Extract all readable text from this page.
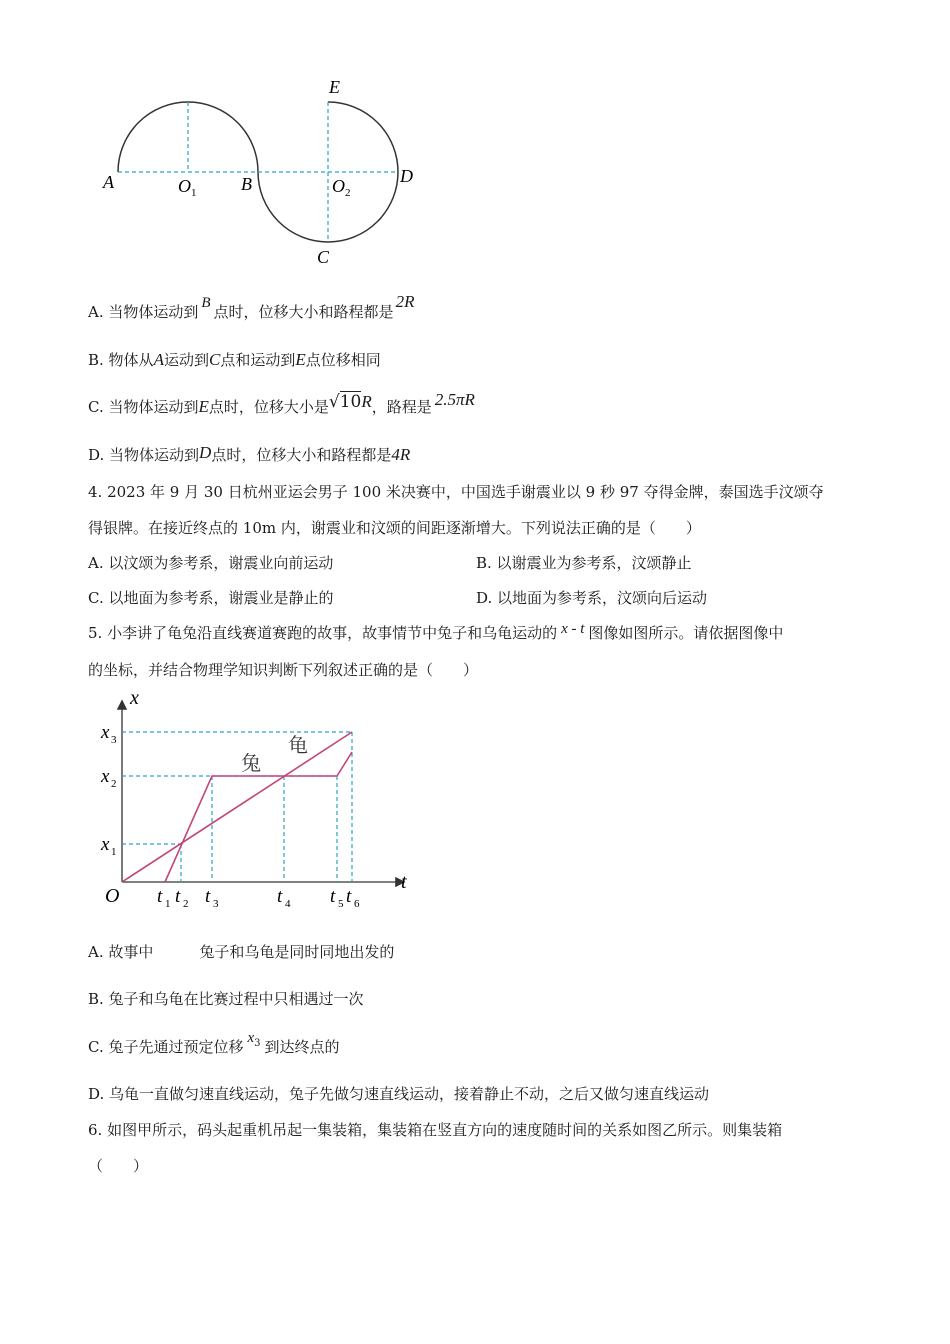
A	O 1 B	O 2
C
D
E
A. 当物体运动到 B 点时，位移大小和路程都是2R
B. 物体从A运动到C点和运动到E点位移相同
C. 当物体运动到E点时，位移大小是√10R，路程是 2.5πR
D. 当物体运动到D点时，位移大小和路程都是4R
4. 2023 年 9 月 30 日杭州亚运会男子 100 米决赛中，中国选手谢震业以 9 秒 97 夺得金牌，泰国选手汶颂夺
得银牌。在接近终点的 10m 内，谢震业和汶颂的间距逐渐增大。下列说法正确的是（　　）
A. 以汶颂为参考系，谢震业向前运动	B. 以谢震业为参考系，汶颂静止
C. 以地面为参考系，谢震业是静止的	D. 以地面为参考系，汶颂向后运动
5. 小李讲了龟兔沿直线赛道赛跑的故事，故事情节中兔子和乌龟运动的 x - t 图像如图所示。请依据图像中
的坐标，并结合物理学知识判断下列叙述正确的是（　　）
t 1 t 2 t 3	t 4 t 5 t 6
x 1
x 2
x 3
兔
龟
x
t
O
A. 故事中	兔子和乌龟是同时同地出发的
B. 兔子和乌龟在比赛过程中只相遇过一次
C. 兔子先通过预定位移 $x_3$ 到达终点的
D. 乌龟一直做匀速直线运动，兔子先做匀速直线运动，接着静止不动，之后又做匀速直线运动
6. 如图甲所示，码头起重机吊起一集装箱，集装箱在竖直方向的速度随时间的关系如图乙所示。则集装箱
（　　）
